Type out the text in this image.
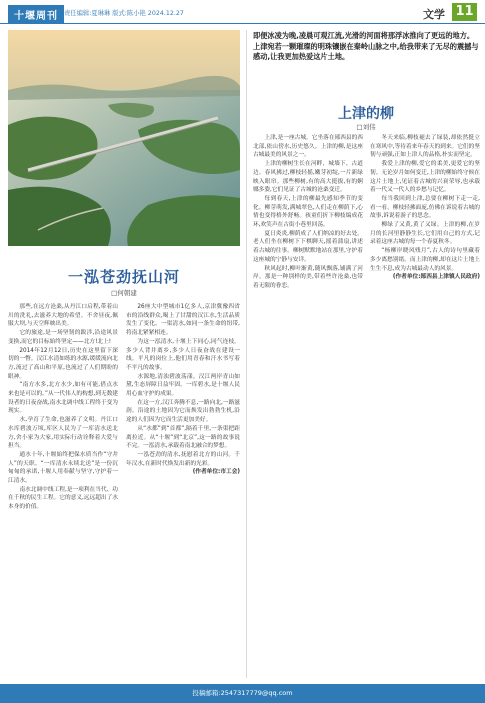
十堰周刊 责任编辑:夏琳琳 版式:陈小艳 2024.12.27	文学 11
一泓苍劲抚山河
□何朝建

那些,在远方沧桑,从丹江口启程,带着山川的洗礼,去滋养大地的希望。不舍昼夜,佩服大坝,与天空辉映出美。

它的旅途,是一场坚韧的跋涉,沿途风景变换,而它的目标始终坚定——北方!北上!

2014年12月12日,历史在这里留下深切的一瞥。汉江水清如练的水源,缓缓流向北方,流过了高山和平原,也流过了人们期盼的眼神。

“南方水多,北方水少,如有可能,借点水来也是可以的。”从一代伟人的构想,到无数建设者的日夜奋战,南水北调中线工程终于变为现实。

水,孕育了生命,也滋养了文明。丹江口水库碧波万顷,库区人民为了一库清水送北方,舍小家为大家,用实际行动诠释着大爱与担当。

通水十年,十堰始终把保水质当作“守井人”的天职。“一库清水永续北送”是一份沉甸甸的承诺,十堰人用奉献与坚守,守护着一江清水。

南水北调中线工程,是一项利在当代、功在千秋的民生工程。它的意义,远远超出了水本身的价值。

26座大中型城市1亿多人,京津冀豫四省市的沿线群众,喝上了甘甜的汉江水,生活品质发生了变化。一渠清水,如同一条生命的纽带,将南北紧紧相连。

为这一泓清水,十堰上下同心,同气连枝。多少人背井离乡,多少人日夜奋战在建设一线。平凡的岗位上,他们用青春和汗水书写着不平凡的故事。

水源地,清浊碧波荡漾。汉江两岸青山如黛,生态屏障日益牢固。一库碧水,是十堰人民用心血守护的成果。

在这一方,汉江奔腾不息,一路向北,一路滋润。沿途的土地因为它而焕发出勃勃生机,沿途的人们因为它而生活更加美好。

从“水都”到“首都”,隔着千里,一条渠把距离拉近。从“十堰”到“北京”,这一路的故事说不完。一泓清水,承载着南北融合的梦想。

一泓苍劲的清水,抚慰着北方的山河。千年汉水,在新时代焕发出新的光彩。

(作者单位:市工会)

即便冰凌为晚,凌晨可观江流,光滑的河面将那浮冰推向了更远的地方。上津宛若一颗璀璨的明珠镶嵌在秦岭山脉之中,给我带来了无尽的震撼与感动,让我更加热爱这片土地。
上津的柳
□刘伟

上津,是一座古城。它坐落在郧西县的西北部,依山傍水,历史悠久。上津的柳,是这座古城最美的风景之一。

上津的柳树生长在河畔、城墙下、古道边。春风拂过,柳枝轻摇,嫩芽初绽,一片新绿映入眼帘。那些柳树,有的高大挺拔,有的婀娜多姿,它们见证了古城的沧桑变迁。

每到春天,上津的柳最先感知季节的变化。柳芽萌发,满城翠色,人们走在柳荫下,心情也变得格外舒畅。孩童们折下柳枝编成花环,欢笑声在古街小巷里回荡。

夏日炎炎,柳荫成了人们纳凉的好去处。老人们坐在柳树下下棋聊天,摇着蒲扇,讲述着古城的往事。柳树默默地站在那里,守护着这座城的宁静与安详。

秋风起时,柳叶渐黄,随风飘落,铺满了河岸。那是一种别样的美,带着些许沧桑,也带着无限的眷恋。

冬天来临,柳枝褪去了绿装,却依然挺立在寒风中,等待着来年春天的到来。它们的坚韧与顽强,正如上津人的品格,朴实而坚定。

我爱上津的柳,爱它的柔美,更爱它的坚韧。无论岁月如何变迁,上津的柳始终守候在这片土地上,见证着古城的兴衰荣辱,也承载着一代又一代人的乡愁与记忆。

每当我回到上津,总要在柳树下走一走,看一看。柳枝轻拂面庞,仿佛在诉说着古城的故事,诉说着游子的思念。

柳绿了又黄,黄了又绿。上津的柳,在岁月的长河里静静生长,它们用自己的方式,记录着这座古城的每一个春夏秋冬。

“杨柳岸晓风残月”,古人的诗句里藏着多少离愁别绪。而上津的柳,却在这片土地上生生不息,成为古城最动人的风景。

(作者单位:郧西县上津镇人民政府)

投稿邮箱:2547317779@qq.com
